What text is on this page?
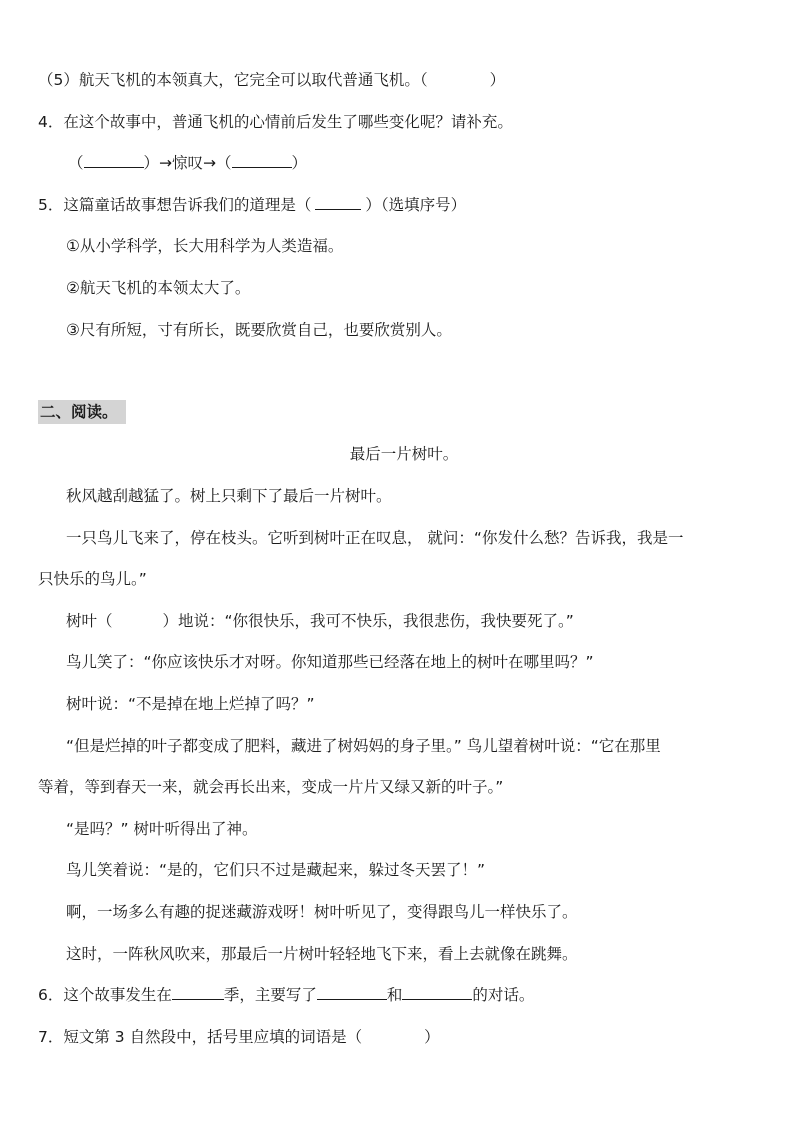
（5）航天飞机的本领真大，它完全可以取代普通飞机。（	）
4．在这个故事中，普通飞机的心情前后发生了哪些变化呢？请补充。
（	）→惊叹→（	）
5．这篇童话故事想告诉我们的道理是（	）（选填序号）
①从小学科学，长大用科学为人类造福。
②航天飞机的本领太大了。
③尺有所短，寸有所长，既要欣赏自己，也要欣赏别人。
二、阅读。
最后一片树叶。
秋风越刮越猛了。树上只剩下了最后一片树叶。
一只鸟儿飞来了，停在枝头。它听到树叶正在叹息， 就问：“你发什么愁？告诉我，我是一
只快乐的鸟儿。”
树叶（	）地说：“你很快乐，我可不快乐，我很悲伤，我快要死了。”
鸟儿笑了：“你应该快乐才对呀。你知道那些已经落在地上的树叶在哪里吗？”
树叶说：“不是掉在地上烂掉了吗？”
“但是烂掉的叶子都变成了肥料，藏进了树妈妈的身子里。” 鸟儿望着树叶说：“它在那里
等着，等到春天一来，就会再长出来，变成一片片又绿又新的叶子。”
“是吗？” 树叶听得出了神。
鸟儿笑着说：“是的，它们只不过是藏起来，躲过冬天罢了！”
啊，一场多么有趣的捉迷藏游戏呀！树叶听见了，变得跟鸟儿一样快乐了。
这时，一阵秋风吹来，那最后一片树叶轻轻地飞下来，看上去就像在跳舞。
6．这个故事发生在	季，主要写了	和	的对话。
7．短文第 3 自然段中，括号里应填的词语是（	）
